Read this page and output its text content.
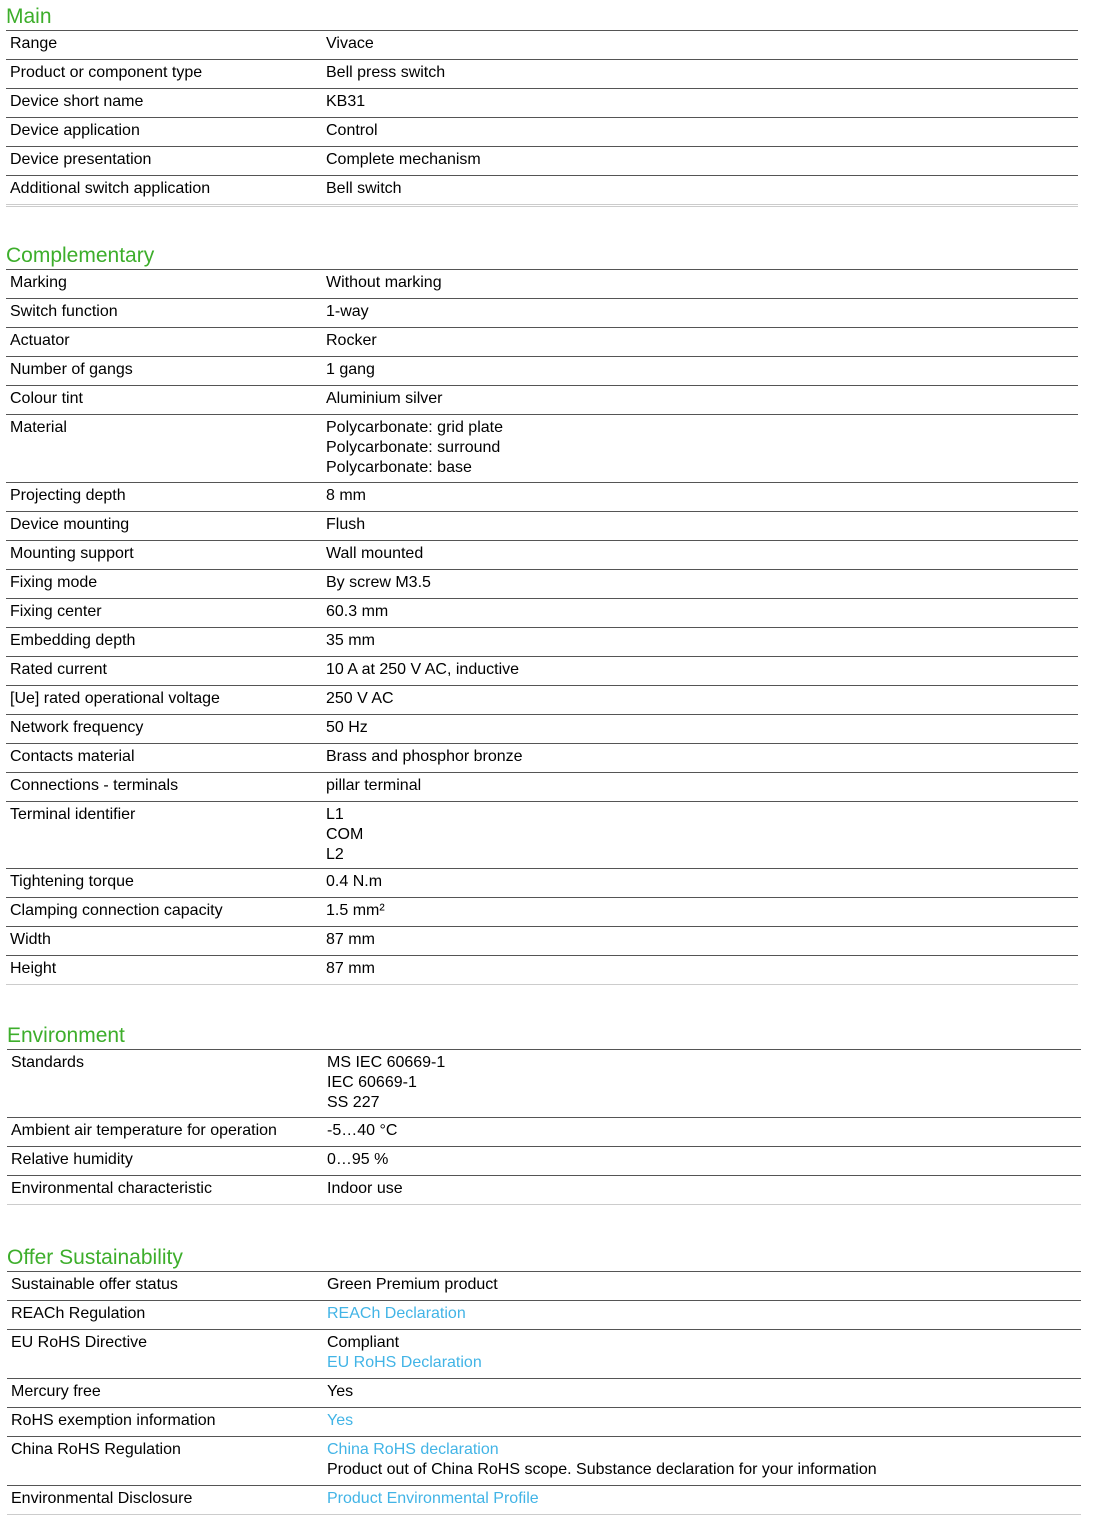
Main
Range	Vivace
Product or component type	Bell press switch
Device short name	KB31
Device application	Control
Device presentation	Complete mechanism
Additional switch application	Bell switch
Complementary
Marking	Without marking
Switch function	1-way
Actuator	Rocker
Number of gangs	1 gang
Colour tint	Aluminium silver
Material	Polycarbonate: grid plate
Polycarbonate: surround
Polycarbonate: base
Projecting depth	8 mm
Device mounting	Flush
Mounting support	Wall mounted
Fixing mode	By screw M3.5
Fixing center	60.3 mm
Embedding depth	35 mm
Rated current	10 A at 250 V AC, inductive
[Ue] rated operational voltage	250 V AC
Network frequency	50 Hz
Contacts material	Brass and phosphor bronze
Connections - terminals	pillar terminal
Terminal identifier	L1
COM
L2
Tightening torque	0.4 N.m
Clamping connection capacity	1.5 mm²
Width	87 mm
Height	87 mm
Environment
Standards	MS IEC 60669-1
IEC 60669-1
SS 227
Ambient air temperature for operation	-5…40 °C
Relative humidity	0…95 %
Environmental characteristic	Indoor use
Offer Sustainability
Sustainable offer status	Green Premium product
REACh Regulation	REACh Declaration
EU RoHS Directive	Compliant
EU RoHS Declaration
Mercury free	Yes
RoHS exemption information	Yes
China RoHS Regulation	China RoHS declaration
Product out of China RoHS scope. Substance declaration for your information
Environmental Disclosure	Product Environmental Profile
